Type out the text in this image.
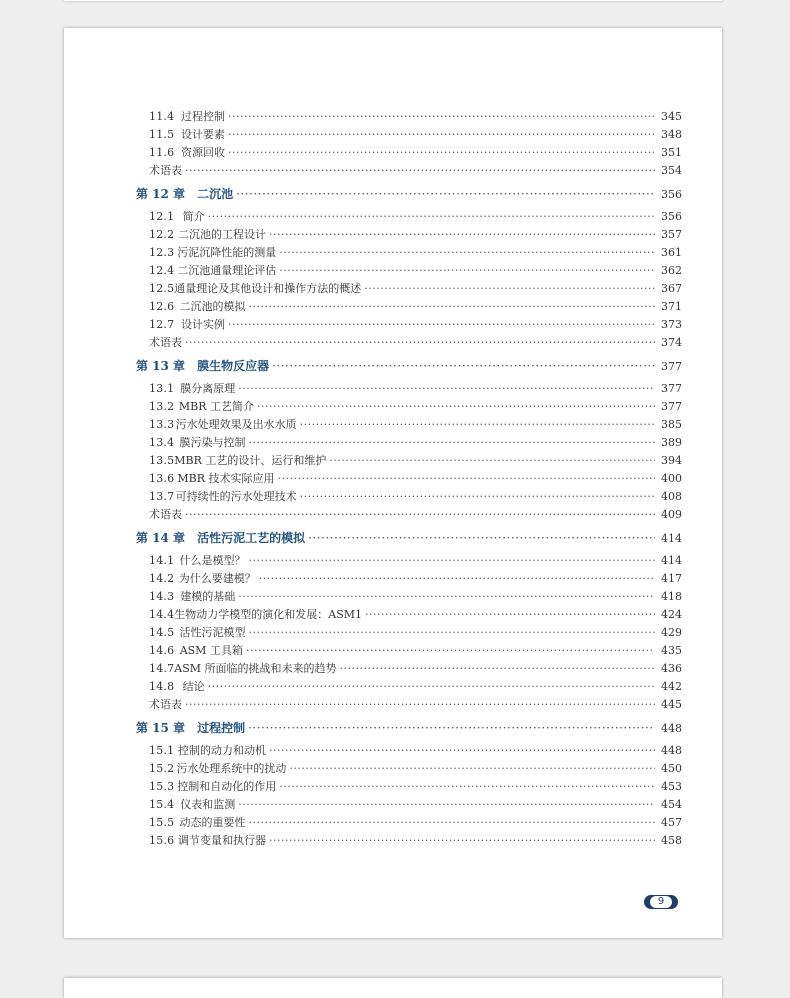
11.4 过程控制 ·····	345
11.5 设计要素 ·····	348
11.6 资源回收 ·····	351
术语表 ·····	354
第 12 章 二沉池 ·····	356
12.1 简介 ·····	356
12.2 二沉池的工程设计 ·····	357
12.3 污泥沉降性能的测量 ·····	361
12.4 二沉池通量理论评估 ·····	362
12.5 通量理论及其他设计和操作方法的概述 ·····	367
12.6 二沉池的模拟 ·····	371
12.7 设计实例 ·····	373
术语表 ·····	374
第 13 章 膜生物反应器 ·····	377
13.1 膜分离原理 ·····	377
13.2 MBR 工艺简介 ·····	377
13.3 污水处理效果及出水水质 ·····	385
13.4 膜污染与控制 ·····	389
13.5 MBR 工艺的设计、运行和维护 ·····	394
13.6 MBR 技术实际应用 ·····	400
13.7 可持续性的污水处理技术 ·····	408
术语表 ·····	409
第 14 章 活性污泥工艺的模拟 ·····	414
14.1 什么是模型？ ·····	414
14.2 为什么要建模？ ·····	417
14.3 建模的基础 ·····	418
14.4 生物动力学模型的演化和发展：ASM1 ·····	424
14.5 活性污泥模型 ·····	429
14.6 ASM 工具箱 ·····	435
14.7 ASM 所面临的挑战和未来的趋势 ·····	436
14.8 结论 ·····	442
术语表 ·····	445
第 15 章 过程控制 ·····	448
15.1 控制的动力和动机 ·····	448
15.2 污水处理系统中的扰动 ·····	450
15.3 控制和自动化的作用 ·····	453
15.4 仪表和监测 ·····	454
15.5 动态的重要性 ·····	457
15.6 调节变量和执行器 ·····	458
9
